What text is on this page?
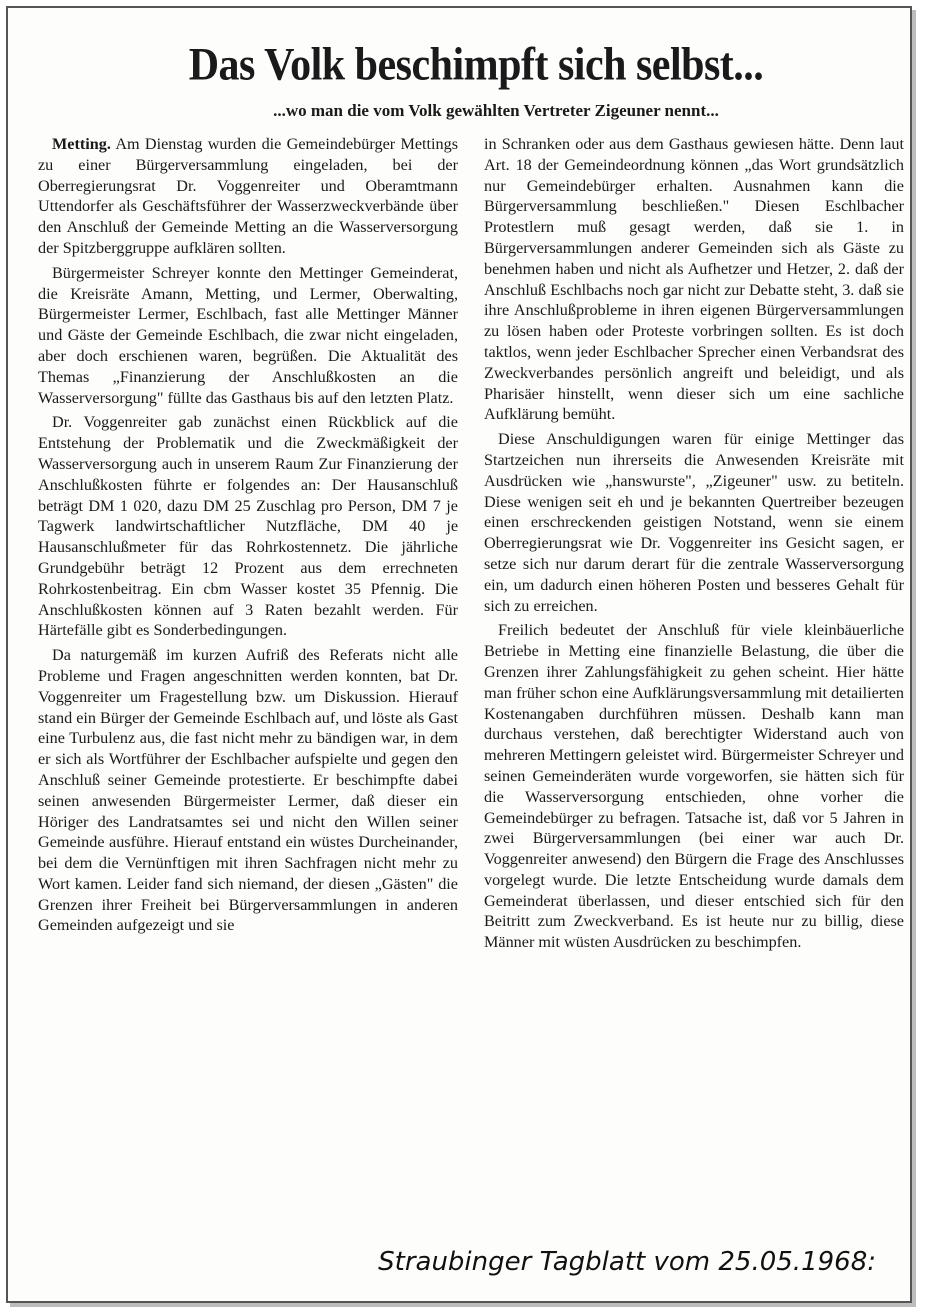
Das Volk beschimpft sich selbst...
...wo man die vom Volk gewählten Vertreter Zigeuner nennt...

Metting. Am Dienstag wurden die Gemeindebürger Mettings zu einer Bürgerversammlung eingeladen, bei der Oberregierungsrat Dr. Voggenreiter und Oberamtmann Uttendorfer als Geschäftsführer der Wasserzweckverbände über den Anschluß der Gemeinde Metting an die Wasserversorgung der Spitzberggruppe aufklären sollten.

Bürgermeister Schreyer konnte den Mettinger Gemeinderat, die Kreisräte Amann, Metting, und Lermer, Oberwalting, Bürgermeister Lermer, Eschlbach, fast alle Mettinger Männer und Gäste der Gemeinde Eschlbach, die zwar nicht eingeladen, aber doch erschienen waren, begrüßen. Die Aktualität des Themas „Finanzierung der Anschlußkosten an die Wasserversorgung" füllte das Gasthaus bis auf den letzten Platz.

Dr. Voggenreiter gab zunächst einen Rückblick auf die Entstehung der Problematik und die Zweckmäßigkeit der Wasserversorgung auch in unserem Raum Zur Finanzierung der Anschlußkosten führte er folgendes an: Der Hausanschluß beträgt DM 1 020, dazu DM 25 Zuschlag pro Person, DM 7 je Tagwerk landwirtschaftlicher Nutzfläche, DM 40 je Hausanschlußmeter für das Rohrkostennetz. Die jährliche Grundgebühr beträgt 12 Prozent aus dem errechneten Rohrkostenbeitrag. Ein cbm Wasser kostet 35 Pfennig. Die Anschlußkosten können auf 3 Raten bezahlt werden. Für Härtefälle gibt es Sonderbedingungen.

Da naturgemäß im kurzen Aufriß des Referats nicht alle Probleme und Fragen angeschnitten werden konnten, bat Dr. Voggenreiter um Fragestellung bzw. um Diskussion. Hierauf stand ein Bürger der Gemeinde Eschlbach auf, und löste als Gast eine Turbulenz aus, die fast nicht mehr zu bändigen war, in dem er sich als Wortführer der Eschlbacher aufspielte und gegen den Anschluß seiner Gemeinde protestierte. Er beschimpfte dabei seinen anwesenden Bürgermeister Lermer, daß dieser ein Höriger des Landratsamtes sei und nicht den Willen seiner Gemeinde ausführe. Hierauf entstand ein wüstes Durcheinander, bei dem die Vernünftigen mit ihren Sachfragen nicht mehr zu Wort kamen. Leider fand sich niemand, der diesen „Gästen" die Grenzen ihrer Freiheit bei Bürgerversammlungen in anderen Gemeinden aufgezeigt und sie

in Schranken oder aus dem Gasthaus gewiesen hätte. Denn laut Art. 18 der Gemeindeordnung können „das Wort grundsätzlich nur Gemeindebürger erhalten. Ausnahmen kann die Bürgerversammlung beschließen." Diesen Eschlbacher Protestlern muß gesagt werden, daß sie 1. in Bürgerversammlungen anderer Gemeinden sich als Gäste zu benehmen haben und nicht als Aufhetzer und Hetzer, 2. daß der Anschluß Eschlbachs noch gar nicht zur Debatte steht, 3. daß sie ihre Anschlußprobleme in ihren eigenen Bürgerversammlungen zu lösen haben oder Proteste vorbringen sollten. Es ist doch taktlos, wenn jeder Eschlbacher Sprecher einen Verbandsrat des Zweckverbandes persönlich angreift und beleidigt, und als Pharisäer hinstellt, wenn dieser sich um eine sachliche Aufklärung bemüht.

Diese Anschuldigungen waren für einige Mettinger das Startzeichen nun ihrerseits die Anwesenden Kreisräte mit Ausdrücken wie „hanswurste", „Zigeuner" usw. zu betiteln. Diese wenigen seit eh und je bekannten Quertreiber bezeugen einen erschreckenden geistigen Notstand, wenn sie einem Oberregierungsrat wie Dr. Voggenreiter ins Gesicht sagen, er setze sich nur darum derart für die zentrale Wasserversorgung ein, um dadurch einen höheren Posten und besseres Gehalt für sich zu erreichen.

Freilich bedeutet der Anschluß für viele kleinbäuerliche Betriebe in Metting eine finanzielle Belastung, die über die Grenzen ihrer Zahlungsfähigkeit zu gehen scheint. Hier hätte man früher schon eine Aufklärungsversammlung mit detailierten Kostenangaben durchführen müssen. Deshalb kann man durchaus verstehen, daß berechtigter Widerstand auch von mehreren Mettingern geleistet wird. Bürgermeister Schreyer und seinen Gemeinderäten wurde vorgeworfen, sie hätten sich für die Wasserversorgung entschieden, ohne vorher die Gemeindebürger zu befragen. Tatsache ist, daß vor 5 Jahren in zwei Bürgerversammlungen (bei einer war auch Dr. Voggenreiter anwesend) den Bürgern die Frage des Anschlusses vorgelegt wurde. Die letzte Entscheidung wurde damals dem Gemeinderat überlassen, und dieser entschied sich für den Beitritt zum Zweckverband. Es ist heute nur zu billig, diese Männer mit wüsten Ausdrücken zu beschimpfen.

Straubinger Tagblatt vom 25.05.1968:
